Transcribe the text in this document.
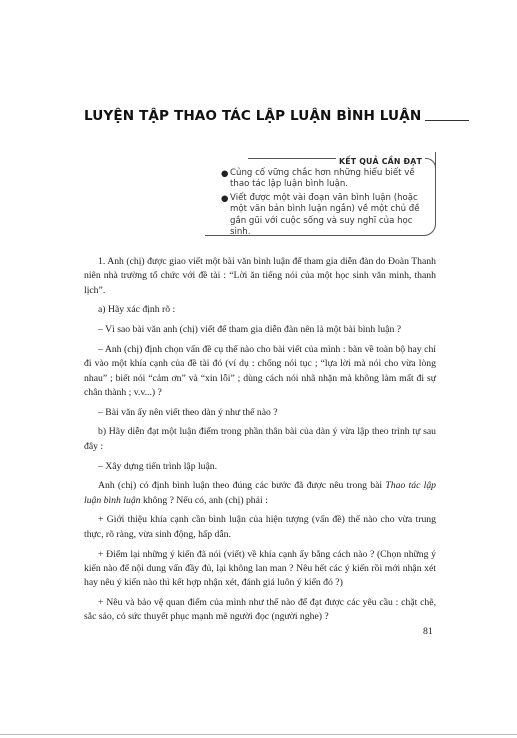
LUYỆN TẬP THAO TÁC LẬP LUẬN BÌNH LUẬN
KẾT QUẢ CẦN ĐẠT
● Củng cố vững chắc hơn những hiểu biết về thao tác lập luận bình luận.
● Viết được một vài đoạn văn bình luận (hoặc một văn bản bình luận ngắn) về một chủ đề gần gũi với cuộc sống và suy nghĩ của học sinh.

1. Anh (chị) được giao viết một bài văn bình luận để tham gia diễn đàn do Đoàn Thanh niên nhà trường tổ chức với đề tài : “Lời ăn tiếng nói của một học sinh văn minh, thanh lịch”.

a) Hãy xác định rõ :

– Vì sao bài văn anh (chị) viết để tham gia diễn đàn nên là một bài bình luận ?

– Anh (chị) định chọn vấn đề cụ thể nào cho bài viết của mình : bàn về toàn bộ hay chỉ đi vào một khía cạnh của đề tài đó (ví dụ : chống nói tục ; “lựa lời mà nói cho vừa lòng nhau” ; biết nói “cảm ơn” và “xin lỗi” ; dùng cách nói nhã nhặn mà không làm mất đi sự chân thành ; v.v...) ?

– Bài văn ấy nên viết theo dàn ý như thế nào ?

b) Hãy diễn đạt một luận điểm trong phần thân bài của dàn ý vừa lập theo trình tự sau đây :

– Xây dựng tiến trình lập luận.

Anh (chị) có định bình luận theo đúng các bước đã được nêu trong bài Thao tác lập luận bình luận không ? Nếu có, anh (chị) phải :

+ Giới thiệu khía cạnh cần bình luận của hiện tượng (vấn đề) thế nào cho vừa trung thực, rõ ràng, vừa sinh động, hấp dẫn.

+ Điểm lại những ý kiến đã nói (viết) về khía cạnh ấy bằng cách nào ? (Chọn những ý kiến nào để nội dung vấn đầy đủ, lại không lan man ? Nêu hết các ý kiến rồi mới nhận xét hay nêu ý kiến nào thì kết hợp nhận xét, đánh giá luôn ý kiến đó ?)

+ Nêu và bảo vệ quan điểm của mình như thế nào để đạt được các yêu cầu : chặt chẽ, sắc sảo, có sức thuyết phục mạnh mẽ người đọc (người nghe) ?

81
